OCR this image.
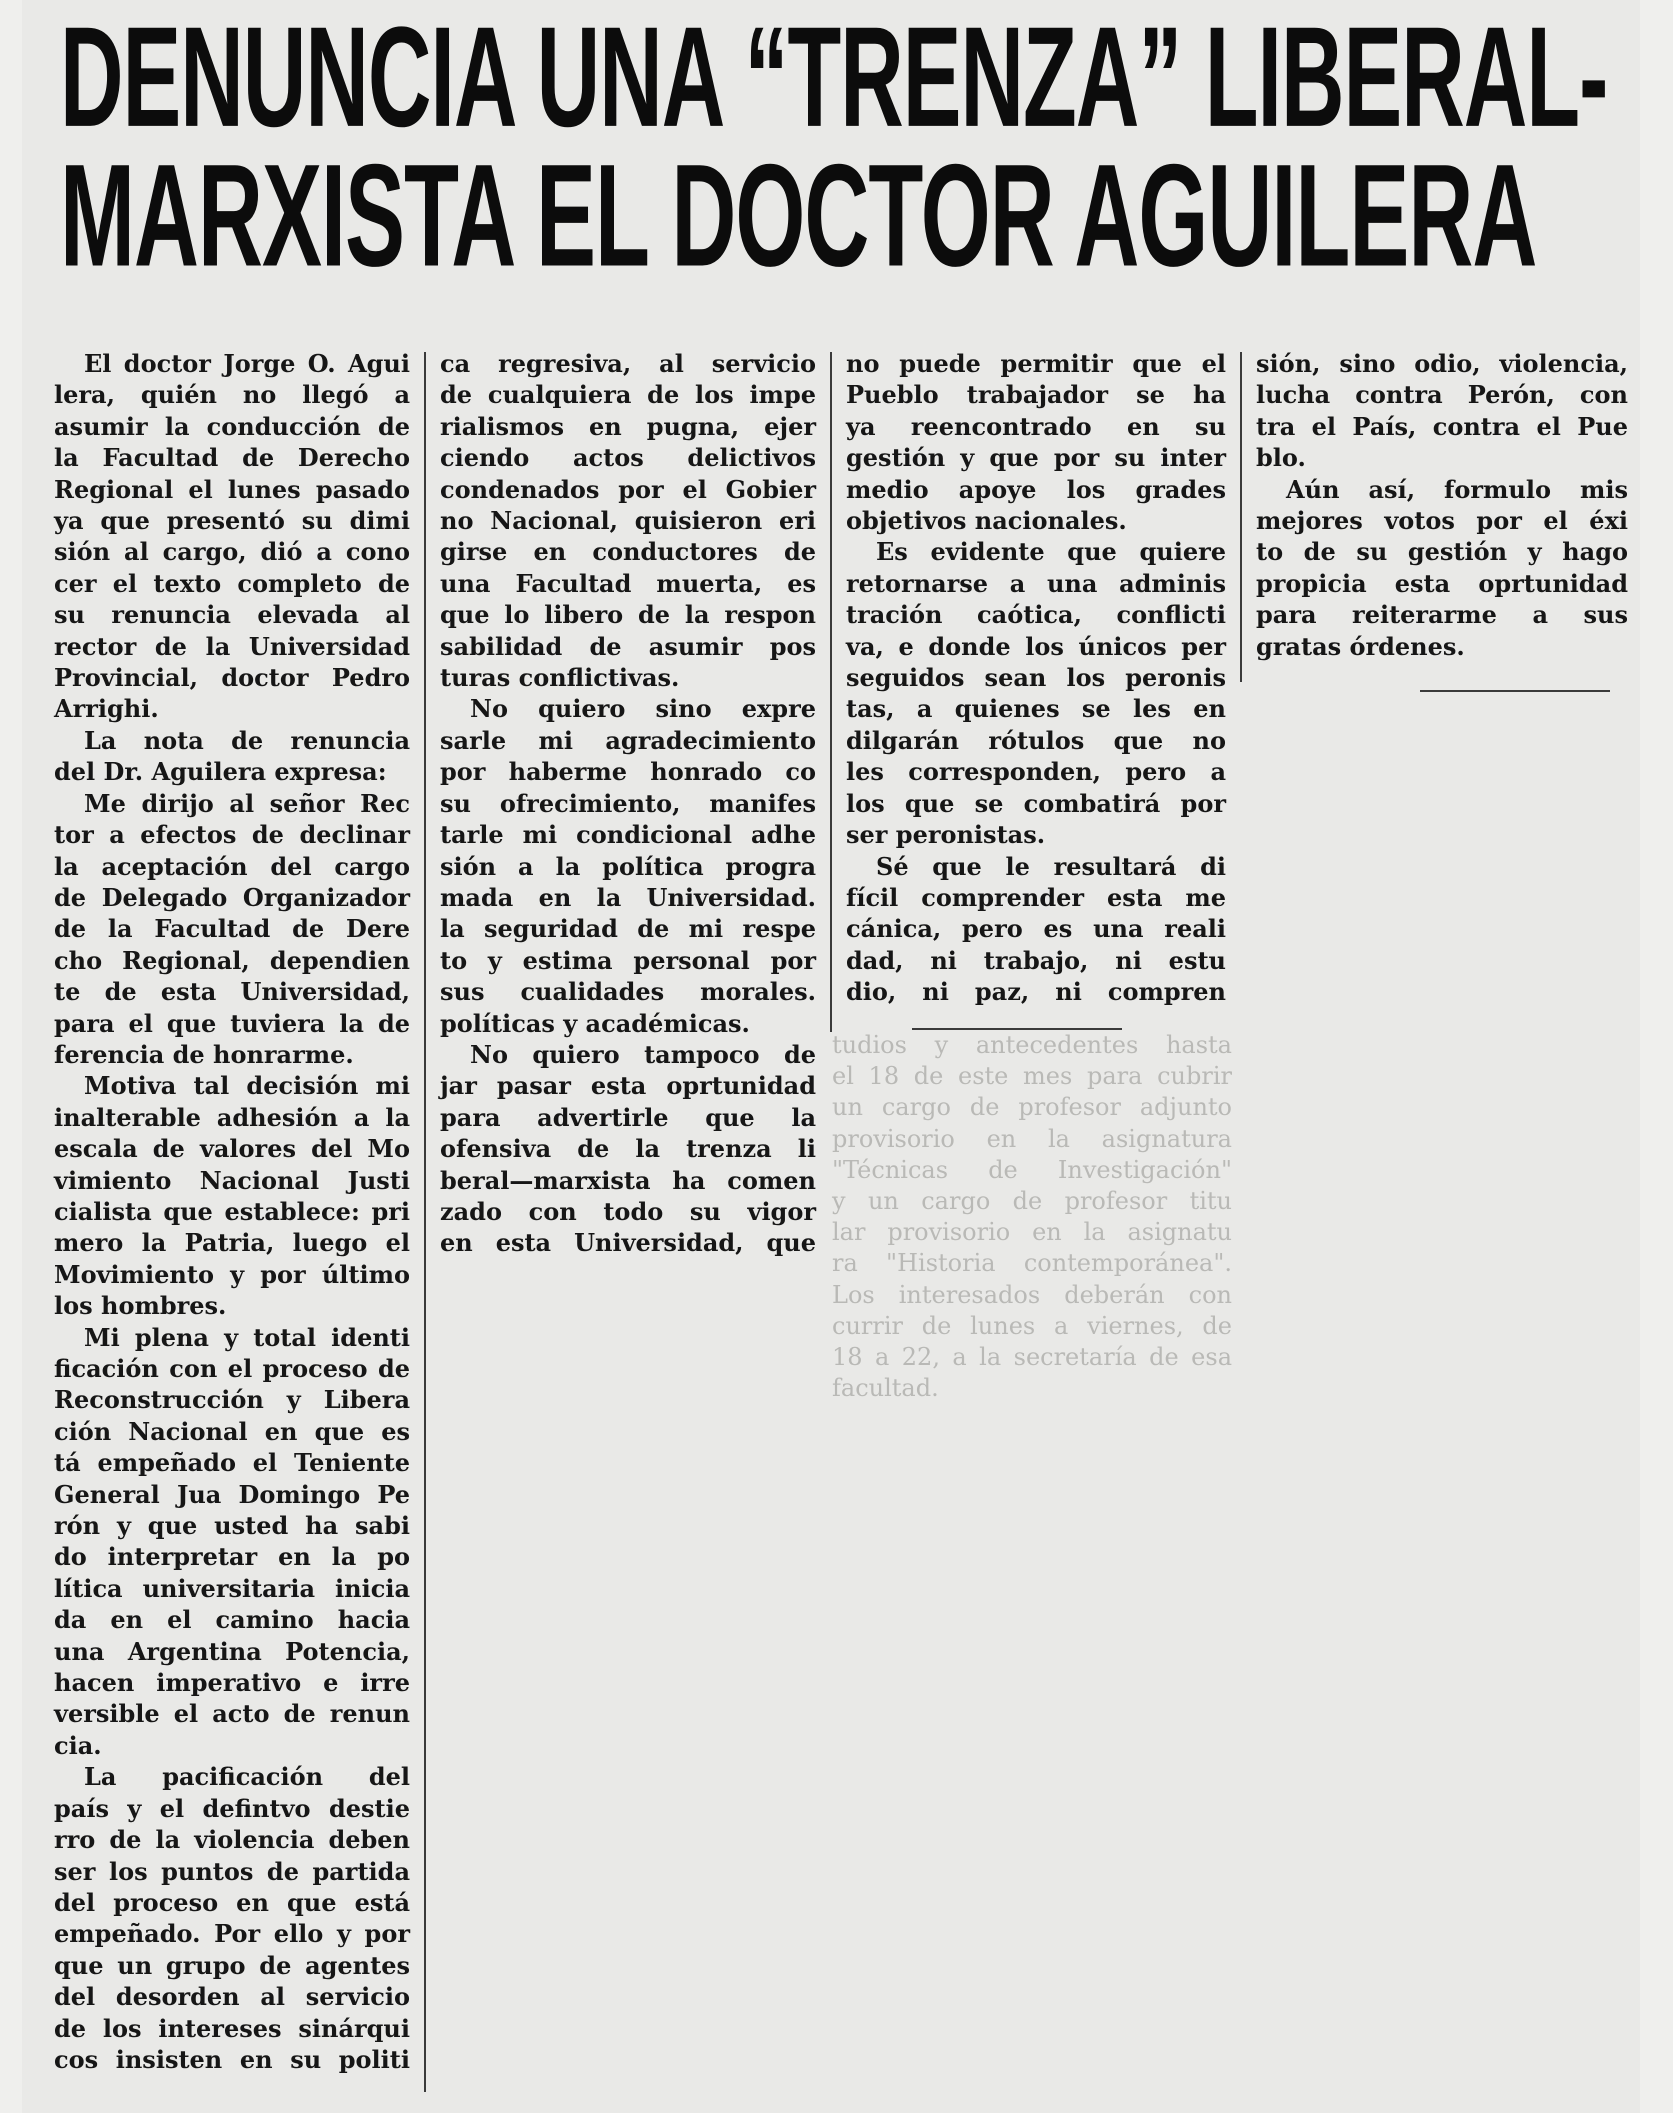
DENUNCIA UNA “TRENZA” LIBERAL-
MARXISTA EL DOCTOR AGUILERA

El doctor Jorge O. Agui

lera, quién no llegó a

asumir la conducción de

la Facultad de Derecho

Regional el lunes pasado

ya que presentó su dimi

sión al cargo, dió a cono

cer el texto completo de

su renuncia elevada al

rector de la Universidad

Provincial, doctor Pedro

Arrighi.

La nota de renuncia

del Dr. Aguilera expresa:

Me dirijo al señor Rec

tor a efectos de declinar

la aceptación del cargo

de Delegado Organizador

de la Facultad de Dere

cho Regional, dependien

te de esta Universidad,

para el que tuviera la de

ferencia de honrarme.

Motiva tal decisión mi

inalterable adhesión a la

escala de valores del Mo

vimiento Nacional Justi

cialista que establece: pri

mero la Patria, luego el

Movimiento y por último

los hombres.

Mi plena y total identi

ficación con el proceso de

Reconstrucción y Libera

ción Nacional en que es

tá empeñado el Teniente

General Jua Domingo Pe

rón y que usted ha sabi

do interpretar en la po

lítica universitaria inicia

da en el camino hacia

una Argentina Potencia,

hacen imperativo e irre

versible el acto de renun

cia.

La pacificación del

país y el defintvo destie

rro de la violencia deben

ser los puntos de partida

del proceso en que está

empeñado. Por ello y por

que un grupo de agentes

del desorden al servicio

de los intereses sinárqui

cos insisten en su politi

ca regresiva, al servicio

de cualquiera de los impe

rialismos en pugna, ejer

ciendo actos delictivos

condenados por el Gobier

no Nacional, quisieron eri

girse en conductores de

una Facultad muerta, es

que lo libero de la respon

sabilidad de asumir pos

turas conflictivas.

No quiero sino expre

sarle mi agradecimiento

por haberme honrado co

su ofrecimiento, manifes

tarle mi condicional adhe

sión a la política progra

mada en la Universidad.

la seguridad de mi respe

to y estima personal por

sus cualidades morales.

políticas y académicas.

No quiero tampoco de

jar pasar esta oprtunidad

para advertirle que la

ofensiva de la trenza li

beral—marxista ha comen

zado con todo su vigor

en esta Universidad, que

no puede permitir que el

Pueblo trabajador se ha

ya reencontrado en su

gestión y que por su inter

medio apoye los grades

objetivos nacionales.

Es evidente que quiere

retornarse a una adminis

tración caótica, conflicti

va, e donde los únicos per

seguidos sean los peronis

tas, a quienes se les en

dilgarán rótulos que no

les corresponden, pero a

los que se combatirá por

ser peronistas.

Sé que le resultará di

fícil comprender esta me

cánica, pero es una reali

dad, ni trabajo, ni estu

dio, ni paz, ni compren

sión, sino odio, violencia,

lucha contra Perón, con

tra el País, contra el Pue

blo.

Aún así, formulo mis

mejores votos por el éxi

to de su gestión y hago

propicia esta oprtunidad

para reiterarme a sus

gratas órdenes.

tudios y antecedentes hasta

el 18 de este mes para cubrir

un cargo de profesor adjunto

provisorio en la asignatura

"Técnicas de Investigación"

y un cargo de profesor titu

lar provisorio en la asignatu

ra "Historia contemporánea".

Los interesados deberán con

currir de lunes a viernes, de

18 a 22, a la secretaría de esa

facultad.
